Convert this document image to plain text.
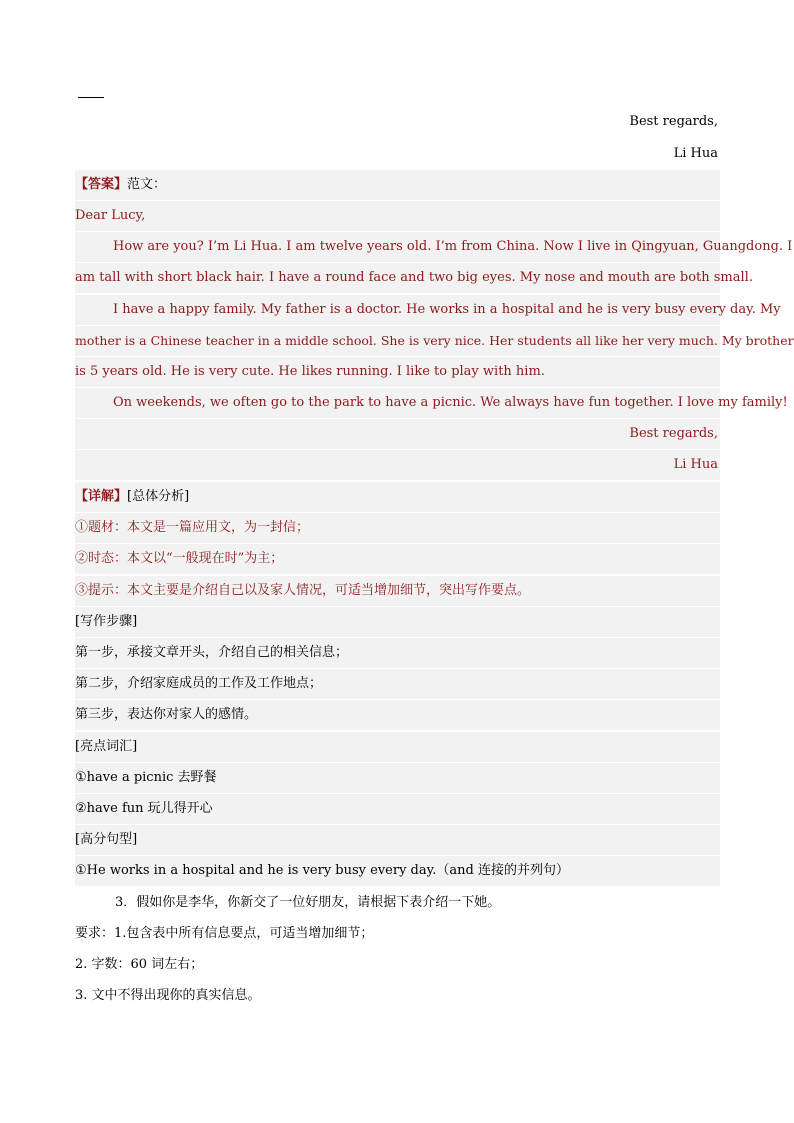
Best regards,
Li Hua
【答案】范文：
Dear Lucy,
How are you? I’m Li Hua. I am twelve years old. I’m from China. Now I live in Qingyuan, Guangdong. I
am tall with short black hair. I have a round face and two big eyes. My nose and mouth are both small.
I have a happy family. My father is a doctor. He works in a hospital and he is very busy every day. My
mother is a Chinese teacher in a middle school. She is very nice. Her students all like her very much. My brother
is 5 years old. He is very cute. He likes running. I like to play with him.
On weekends, we often go to the park to have a picnic. We always have fun together. I love my family!
Best regards,
Li Hua
【详解】[总体分析]
①题材：本文是一篇应用文，为一封信；
②时态：本文以“一般现在时”为主；
③提示：本文主要是介绍自己以及家人情况，可适当增加细节，突出写作要点。
[写作步骤]
第一步，承接文章开头，介绍自己的相关信息；
第二步，介绍家庭成员的工作及工作地点；
第三步，表达你对家人的感情。
[亮点词汇]
①have a picnic 去野餐
②have fun 玩儿得开心
[高分句型]
①He works in a hospital and he is very busy every day.（and 连接的并列句）
3．假如你是李华，你新交了一位好朋友，请根据下表介绍一下她。
要求：1.包含表中所有信息要点，可适当增加细节；
2. 字数：60 词左右；
3. 文中不得出现你的真实信息。
